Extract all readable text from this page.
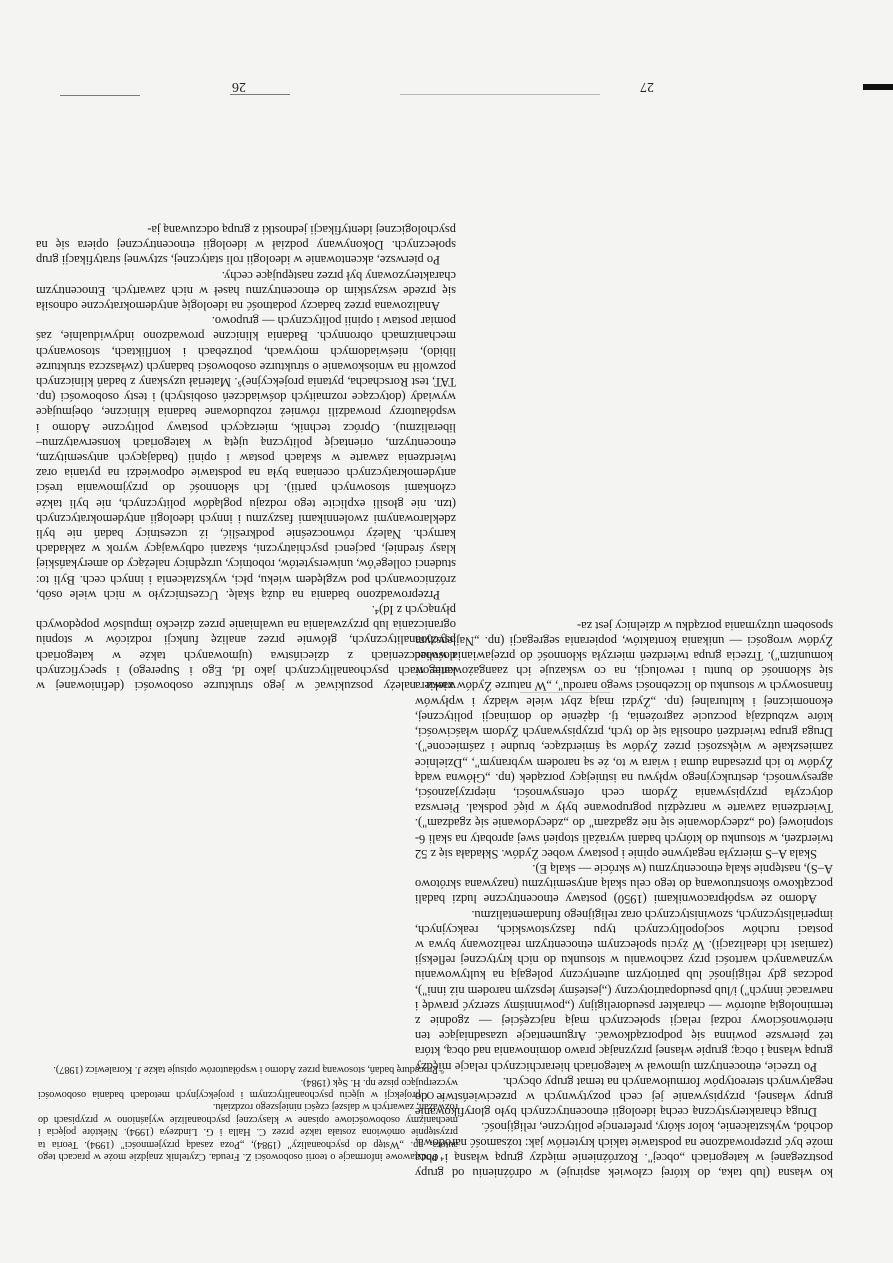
wieka należy poszukiwać w jego strukturze osobowości (definiowanej w kategoriach psychoanalitycznych jako Id, Ego i Superego) i specyficznych doświadczeniach z dzieciństwa (ujmowanych także w kategoriach psychoanalitycznych, głównie przez analizę funkcji rodziców w stopniu ograniczania lub przyzwalania na uwalnianie przez dziecko impulsów popędowych płynących z Id)⁴.

Przeprowadzono badania na dużą skalę. Uczestniczyło w nich wiele osób, zróżnicowanych pod względem wieku, płci, wykształcenia i innych cech. Byli to: studenci college'ów, uniwersytetów, robotnicy, urzędnicy należący do amerykańskiej klasy średniej, pacjenci psychiatryczni, skazani odbywający wyrok w zakładach karnych. Należy równocześnie podkreślić, iż uczestnicy badań nie byli zdeklarowanymi zwolennikami faszyzmu i innych ideologii antydemokratycznych (tzn. nie głosili explicite tego rodzaju poglądów politycznych, nie byli także członkami stosownych partii). Ich skłonność do przyjmowania treści antydemokratycznych oceniana była na podstawie odpowiedzi na pytania oraz twierdzenia zawarte w skalach postaw i opinii (badających antysemityzm, etnocentryzm, orientację polityczną ujętą w kategoriach konserwatyzmu–liberalizmu). Oprócz technik, mierzących postawy polityczne Adorno i współautorzy prowadzili również rozbudowane badania kliniczne, obejmujące wywiady (dotyczące rozmaitych doświadczeń osobistych) i testy osobowości (np. TAT, test Rorschacha, pytania projekcyjne)⁵. Materiał uzyskany z badań klinicznych pozwolił na wnioskowanie o strukturze osobowości badanych (zwłaszcza strukturze libido), nieświadomych motywach, potrzebach i konfliktach, stosowanych mechanizmach obronnych. Badania kliniczne prowadzono indywidualnie, zaś pomiar postaw i opinii politycznych — grupowo.

Analizowana przez badaczy podatność na ideologię antydemokratyczne odnosiła się przede wszystkim do etnocentryzmu haseł w nich zawartych. Etnocentryzm charakteryzowany był przez następujące cechy.

Po pierwsze, akcentowanie w ideologii roli statycznej, sztywnej stratyfikacji grup społecznych. Dokonywany podział w ideologii etnocentrycznej opiera się na psychologicznej identyfikacji jednostki z grupą odczuwaną ja-

⁴ Podstawowe informacje o teorii osobowości Z. Freuda. Czytelnik znajdzie może w pracach tego autora, np. „Wstęp do psychoanalizy" (1984), „Poza zasadą przyjemności" (1994). Teoria ta przystępnie omówiona została także przez C. Halla i G. Lindzeya (1994). Niektóre pojęcia i mechanizmy osobowościowe opisane w klasycznej psychoanalizie wyjaśniono w przypisach do rozważań, zawartych w dalszej części niniejszego rozdziału.

⁵ O projekcji w ujęciu psychoanalitycznym i projekcyjnych metodach badania osobowości wyczerpująco pisze np. H. Sęk (1984).

⁶ Procedurę badań, stosowaną przez Adorno i współautorów opisuje także J. Koralewicz (1987).

26

ko własna (lub taka, do której człowiek aspiruje) w odróżnieniu od grupy postrzeganej w kategoriach „obcej". Rozróżnienie między grupą własną i obcą może być przeprowadzone na podstawie takich kryteriów jak: tożsamość narodowa, dochód, wykształcenie, kolor skóry, preferencje polityczne, religijność.

Drugą charakterystyczną cechą ideologii etnocentrycznych było gloryfikowanie grupy własnej, przypisywanie jej cech pozytywnych w przeciwieństwie do negatywnych stereotypów formułowanych na temat grupy obcych.

Po trzecie, etnocentryzm ujmował w kategoriach hierarchicznych relacje między grupą własną i obcą; grupie własnej przyznając prawo dominowania nad obcą, która też pierwsze powinna się podporządkować. Argumentacje uzasadniające ten nierównościowy rodzaj relacji społecznych mają najczęściej — zgodnie z terminologią autorów — charakter pseudoreligijny („powinniśmy szerzyć prawdę i nawracać innych") i/lub pseudopatriotyczny („jesteśmy lepszym narodem niż inni"), podczas gdy religijność lub patriotyzm autentyczny polegają na kultywowaniu wyznawanych wartości przy zachowaniu w stosunku do nich krytycznej refleksji (zamiast ich idealizacji). W życiu społecznym etnocentryzm realizowany bywa w postaci ruchów socjopolitycznych typu faszystowskich, reakcyjnych, imperialistycznych, szowinistycznych oraz religijnego fundamentalizmu.

Adorno ze współpracownikami (1950) postawy etnocentryczne ludzi badali początkowo skonstruowaną do tego celu skalą antysemityzmu (nazywana skrótowo A–S), następnie skalą etnocentryzmu (w skrócie — skalą E).

Skala A–S mierzyła negatywne opinie i postawy wobec Żydów. Składała się z 52 twierdzeń, w stosunku do których badani wyrażali stopień swej aprobaty na skali 6-stopniowej (od „zdecydowanie się nie zgadzam" do „zdecydowanie się zgadzam"). Twierdzenia zawarte w narzędziu pogrupowane były w pięć podskal. Pierwsza dotyczyła przypisywania Żydom cech ofensywności, nieprzyjazności, agresywności, destrukcyjnego wpływu na istniejący porządek (np. „Główna wadą Żydów to ich przesadna duma i wiara w to, że są narodem wybranym", „Dzielnice zamieszkałe w większości przez Żydów są śmierdzące, brudne i zaśmiecone"). Druga grupa twierdzeń odnosiła się do tych, przypisywanych Żydom właściwości, które wzbudzają poczucie zagrożenia, tj. dążenie do dominacji politycznej, ekonomicznej i kulturalnej (np. „Żydzi mają zbyt wiele władzy i wpływów finansowych w stosunku do liczebności swego narodu", „W naturze Żydów zawiera się skłonność do buntu i rewolucji, na co wskazuje ich zaangażowanie w komunizm"). Trzecia grupa twierdzeń mierzyła skłonność do przejawiania wobec Żydów wrogości — unikania kontaktów, popierania segregacji (np. „Najlepszym sposobem utrzymania porządku w dzielnicy jest za-

27
